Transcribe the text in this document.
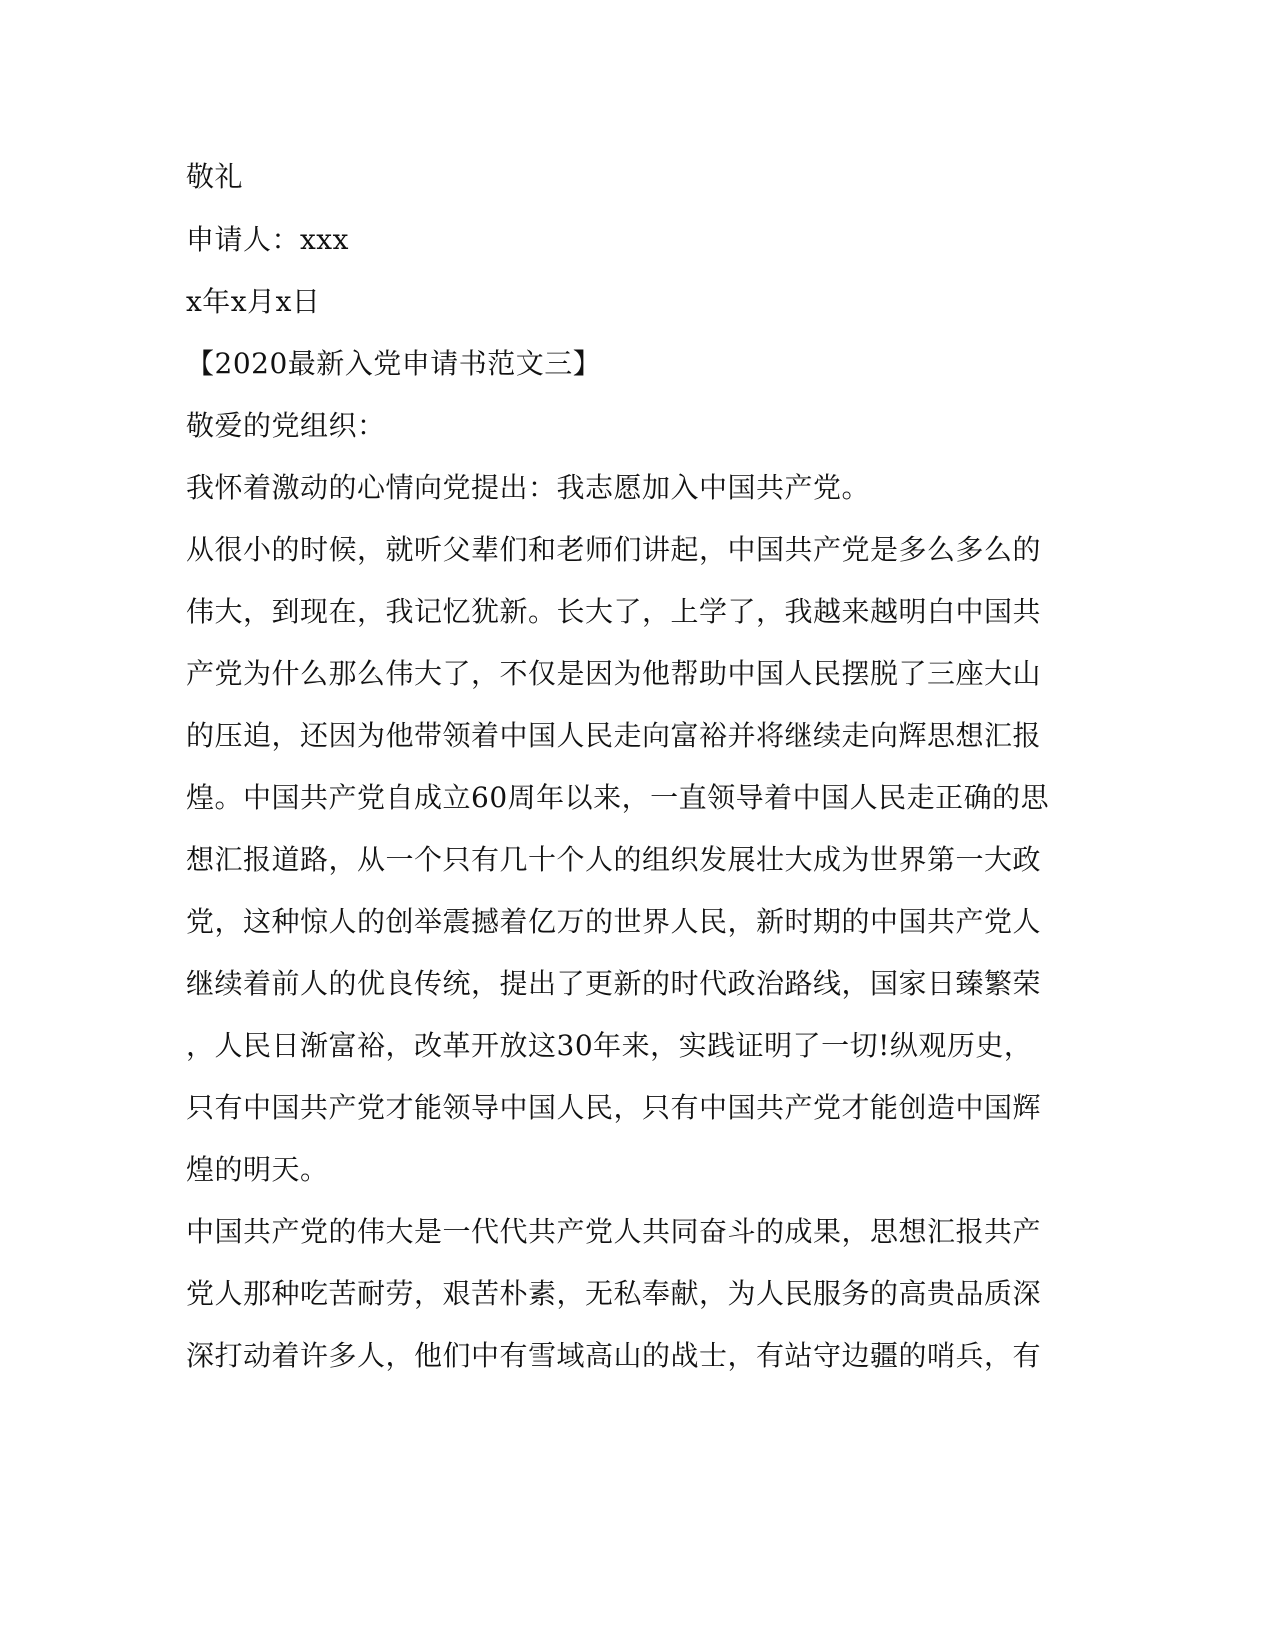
敬礼
申请人：xxx
x年x月x日
【2020最新入党申请书范文三】
敬爱的党组织：
我怀着激动的心情向党提出：我志愿加入中国共产党。
从很小的时候，就听父辈们和老师们讲起，中国共产党是多么多么的
伟大，到现在，我记忆犹新。长大了，上学了，我越来越明白中国共
产党为什么那么伟大了，不仅是因为他帮助中国人民摆脱了三座大山
的压迫，还因为他带领着中国人民走向富裕并将继续走向辉思想汇报
煌。中国共产党自成立60周年以来，一直领导着中国人民走正确的思
想汇报道路，从一个只有几十个人的组织发展壮大成为世界第一大政
党，这种惊人的创举震撼着亿万的世界人民，新时期的中国共产党人
继续着前人的优良传统，提出了更新的时代政治路线，国家日臻繁荣
，人民日渐富裕，改革开放这30年来，实践证明了一切!纵观历史，
只有中国共产党才能领导中国人民，只有中国共产党才能创造中国辉
煌的明天。
中国共产党的伟大是一代代共产党人共同奋斗的成果，思想汇报共产
党人那种吃苦耐劳，艰苦朴素，无私奉献，为人民服务的高贵品质深
深打动着许多人，他们中有雪域高山的战士，有站守边疆的哨兵，有
